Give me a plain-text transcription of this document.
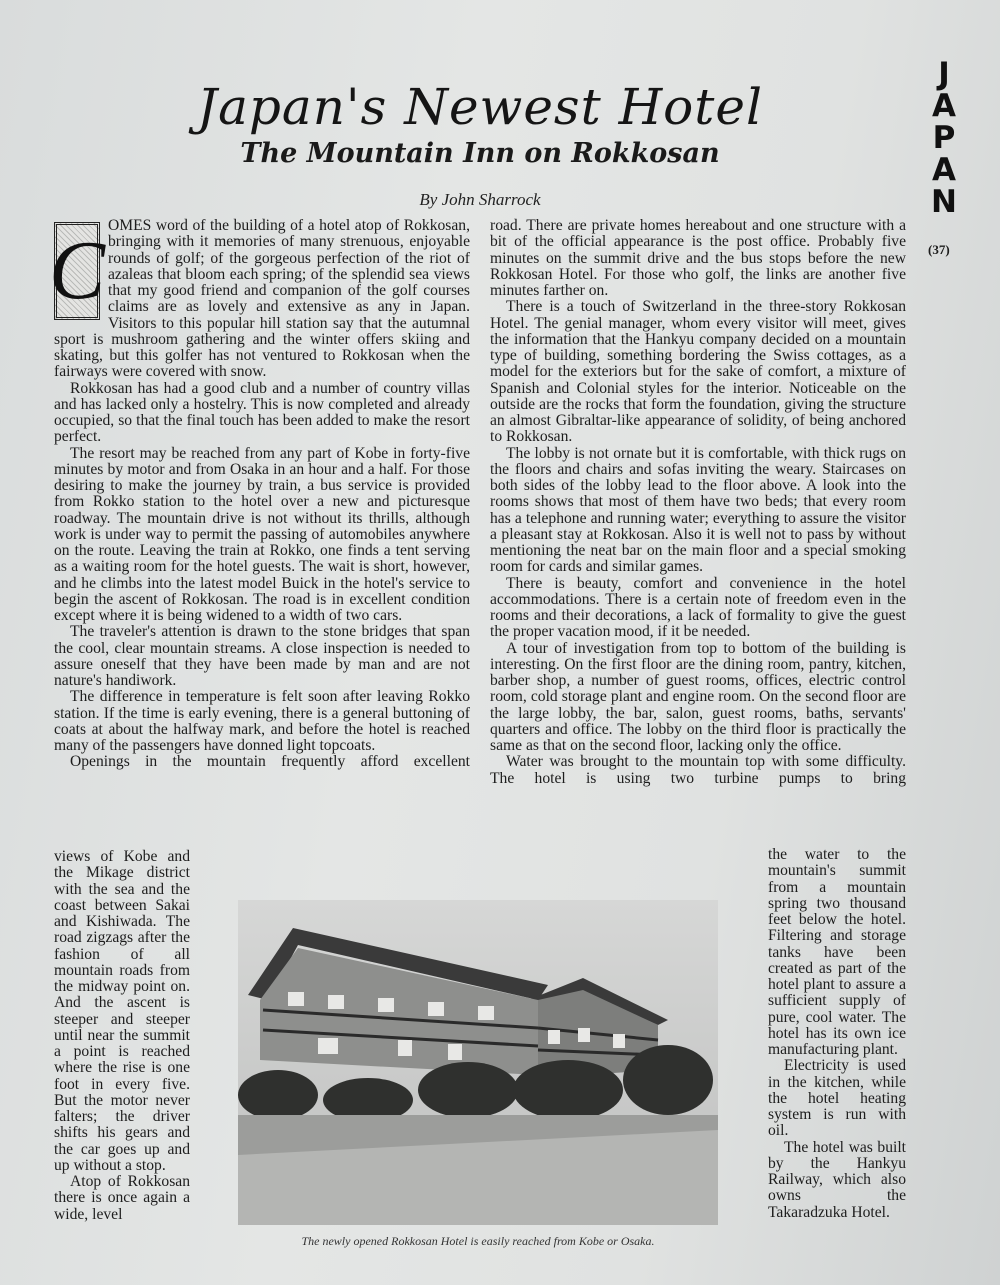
Japan's Newest Hotel
The Mountain Inn on Rokkosan
By John Sharrock
J
A
P
A
N
(37)

C OMES word of the building of a hotel atop of Rokkosan, bringing with it memories of many strenuous, enjoyable rounds of golf; of the gorgeous perfection of the riot of azaleas that bloom each spring; of the splendid sea views that my good friend and companion of the golf courses claims are as lovely and extensive as any in Japan. Visitors to this popular hill station say that the autumnal sport is mushroom gathering and the winter offers skiing and skating, but this golfer has not ventured to Rokkosan when the fairways were covered with snow.

Rokkosan has had a good club and a number of country villas and has lacked only a hostelry. This is now completed and already occupied, so that the final touch has been added to make the resort perfect.

The resort may be reached from any part of Kobe in forty-five minutes by motor and from Osaka in an hour and a half. For those desiring to make the journey by train, a bus service is provided from Rokko station to the hotel over a new and picturesque roadway. The mountain drive is not without its thrills, although work is under way to permit the passing of automobiles anywhere on the route. Leaving the train at Rokko, one finds a tent serving as a waiting room for the hotel guests. The wait is short, however, and he climbs into the latest model Buick in the hotel's service to begin the ascent of Rokkosan. The road is in excellent condition except where it is being widened to a width of two cars.

The traveler's attention is drawn to the stone bridges that span the cool, clear mountain streams. A close inspection is needed to assure oneself that they have been made by man and are not nature's handiwork.

The difference in temperature is felt soon after leaving Rokko station. If the time is early evening, there is a general buttoning of coats at about the halfway mark, and before the hotel is reached many of the passengers have donned light topcoats.

Openings in the mountain frequently afford excellent

views of Kobe and the Mikage district with the sea and the coast between Sakai and Kishiwada. The road zigzags after the fashion of all mountain roads from the midway point on. And the ascent is steeper and steeper until near the summit a point is reached where the rise is one foot in every five. But the motor never falters; the driver shifts his gears and the car goes up and up without a stop.

Atop of Rokkosan there is once again a wide, level

road. There are private homes hereabout and one structure with a bit of the official appearance is the post office. Probably five minutes on the summit drive and the bus stops before the new Rokkosan Hotel. For those who golf, the links are another five minutes farther on.

There is a touch of Switzerland in the three-story Rokkosan Hotel. The genial manager, whom every visitor will meet, gives the information that the Hankyu company decided on a mountain type of building, something bordering the Swiss cottages, as a model for the exteriors but for the sake of comfort, a mixture of Spanish and Colonial styles for the interior. Noticeable on the outside are the rocks that form the foundation, giving the structure an almost Gibraltar-like appearance of solidity, of being anchored to Rokkosan.

The lobby is not ornate but it is comfortable, with thick rugs on the floors and chairs and sofas inviting the weary. Staircases on both sides of the lobby lead to the floor above. A look into the rooms shows that most of them have two beds; that every room has a telephone and running water; everything to assure the visitor a pleasant stay at Rokkosan. Also it is well not to pass by without mentioning the neat bar on the main floor and a special smoking room for cards and similar games.

There is beauty, comfort and convenience in the hotel accommodations. There is a certain note of freedom even in the rooms and their decorations, a lack of formality to give the guest the proper vacation mood, if it be needed.

A tour of investigation from top to bottom of the building is interesting. On the first floor are the dining room, pantry, kitchen, barber shop, a number of guest rooms, offices, electric control room, cold storage plant and engine room. On the second floor are the large lobby, the bar, salon, guest rooms, baths, servants' quarters and office. The lobby on the third floor is practically the same as that on the second floor, lacking only the office.

Water was brought to the mountain top with some difficulty. The hotel is using two turbine pumps to bring

the water to the mountain's summit from a mountain spring two thousand feet below the hotel. Filtering and storage tanks have been created as part of the hotel plant to assure a sufficient supply of pure, cool water. The hotel has its own ice manufacturing plant.

Electricity is used in the kitchen, while the hotel heating system is run with oil.

The hotel was built by the Hankyu Railway, which also owns the Takaradzuka Hotel.

The newly opened Rokkosan Hotel is easily reached from Kobe or Osaka.
